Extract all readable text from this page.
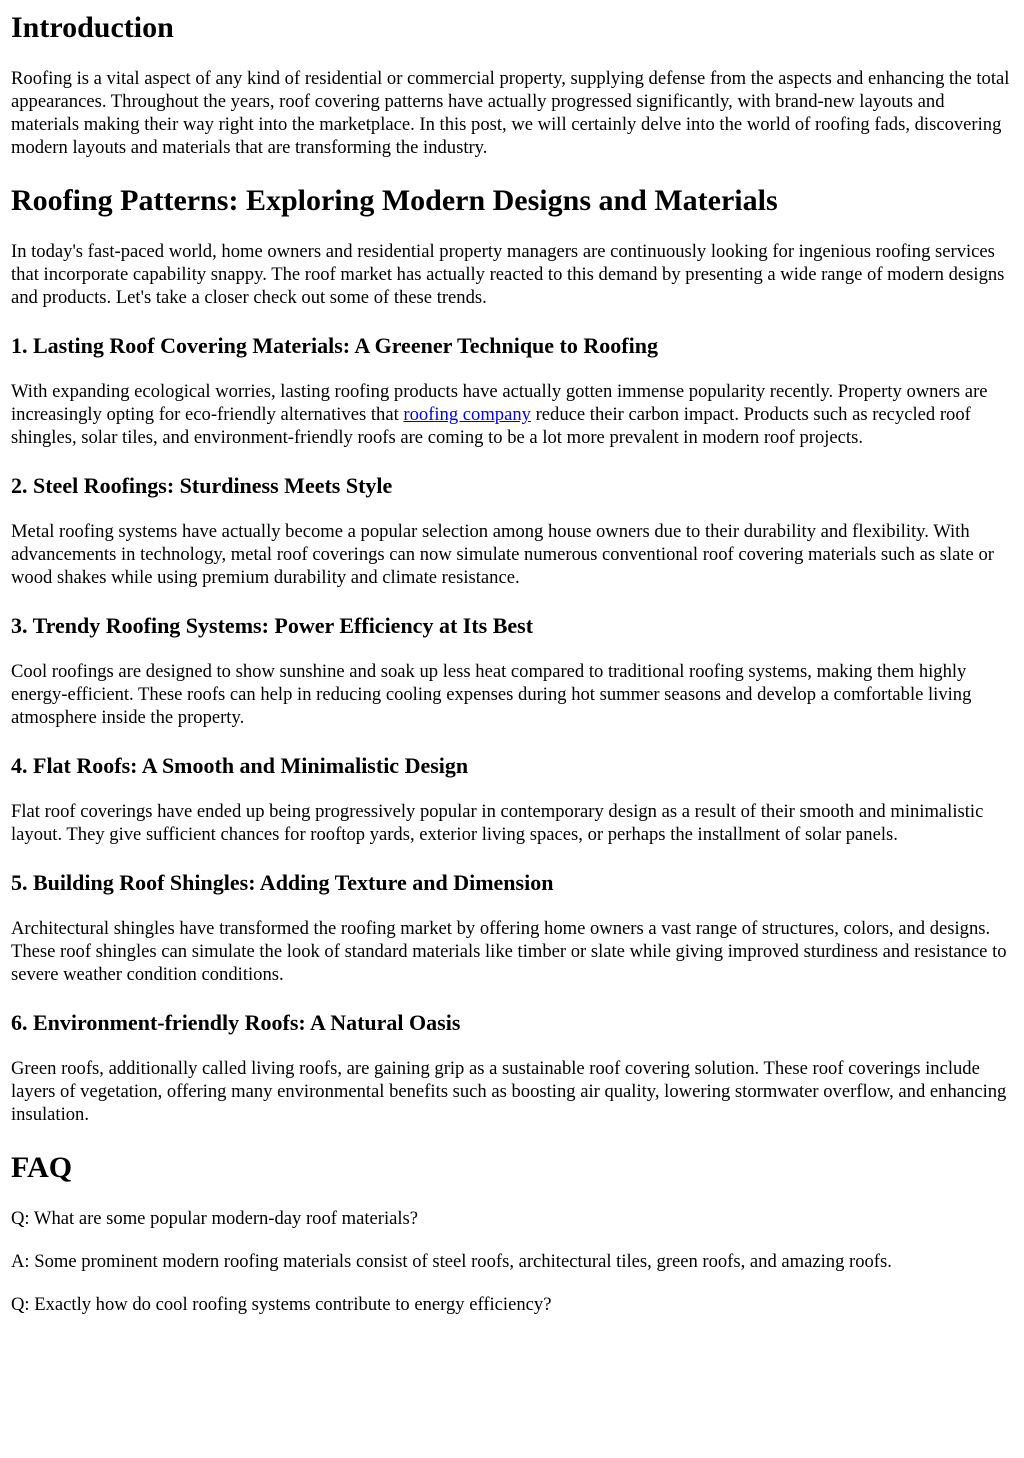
Introduction

Roofing is a vital aspect of any kind of residential or commercial property, supplying defense from the aspects and enhancing the total appearances. Throughout the years, roof covering patterns have actually progressed significantly, with brand-new layouts and materials making their way right into the marketplace. In this post, we will certainly delve into the world of roofing fads, discovering modern layouts and materials that are transforming the industry.

Roofing Patterns: Exploring Modern Designs and Materials

In today's fast-paced world, home owners and residential property managers are continuously looking for ingenious roofing services that incorporate capability snappy. The roof market has actually reacted to this demand by presenting a wide range of modern designs and products. Let's take a closer check out some of these trends.

1. Lasting Roof Covering Materials: A Greener Technique to Roofing

With expanding ecological worries, lasting roofing products have actually gotten immense popularity recently. Property owners are increasingly opting for eco-friendly alternatives that roofing company reduce their carbon impact. Products such as recycled roof shingles, solar tiles, and environment-friendly roofs are coming to be a lot more prevalent in modern roof projects.

2. Steel Roofings: Sturdiness Meets Style

Metal roofing systems have actually become a popular selection among house owners due to their durability and flexibility. With advancements in technology, metal roof coverings can now simulate numerous conventional roof covering materials such as slate or wood shakes while using premium durability and climate resistance.

3. Trendy Roofing Systems: Power Efficiency at Its Best

Cool roofings are designed to show sunshine and soak up less heat compared to traditional roofing systems, making them highly energy-efficient. These roofs can help in reducing cooling expenses during hot summer seasons and develop a comfortable living atmosphere inside the property.

4. Flat Roofs: A Smooth and Minimalistic Design

Flat roof coverings have ended up being progressively popular in contemporary design as a result of their smooth and minimalistic layout. They give sufficient chances for rooftop yards, exterior living spaces, or perhaps the installment of solar panels.

5. Building Roof Shingles: Adding Texture and Dimension

Architectural shingles have transformed the roofing market by offering home owners a vast range of structures, colors, and designs. These roof shingles can simulate the look of standard materials like timber or slate while giving improved sturdiness and resistance to severe weather condition conditions.

6. Environment-friendly Roofs: A Natural Oasis

Green roofs, additionally called living roofs, are gaining grip as a sustainable roof covering solution. These roof coverings include layers of vegetation, offering many environmental benefits such as boosting air quality, lowering stormwater overflow, and enhancing insulation.

FAQ

Q: What are some popular modern-day roof materials?

A: Some prominent modern roofing materials consist of steel roofs, architectural tiles, green roofs, and amazing roofs.

Q: Exactly how do cool roofing systems contribute to energy efficiency?
